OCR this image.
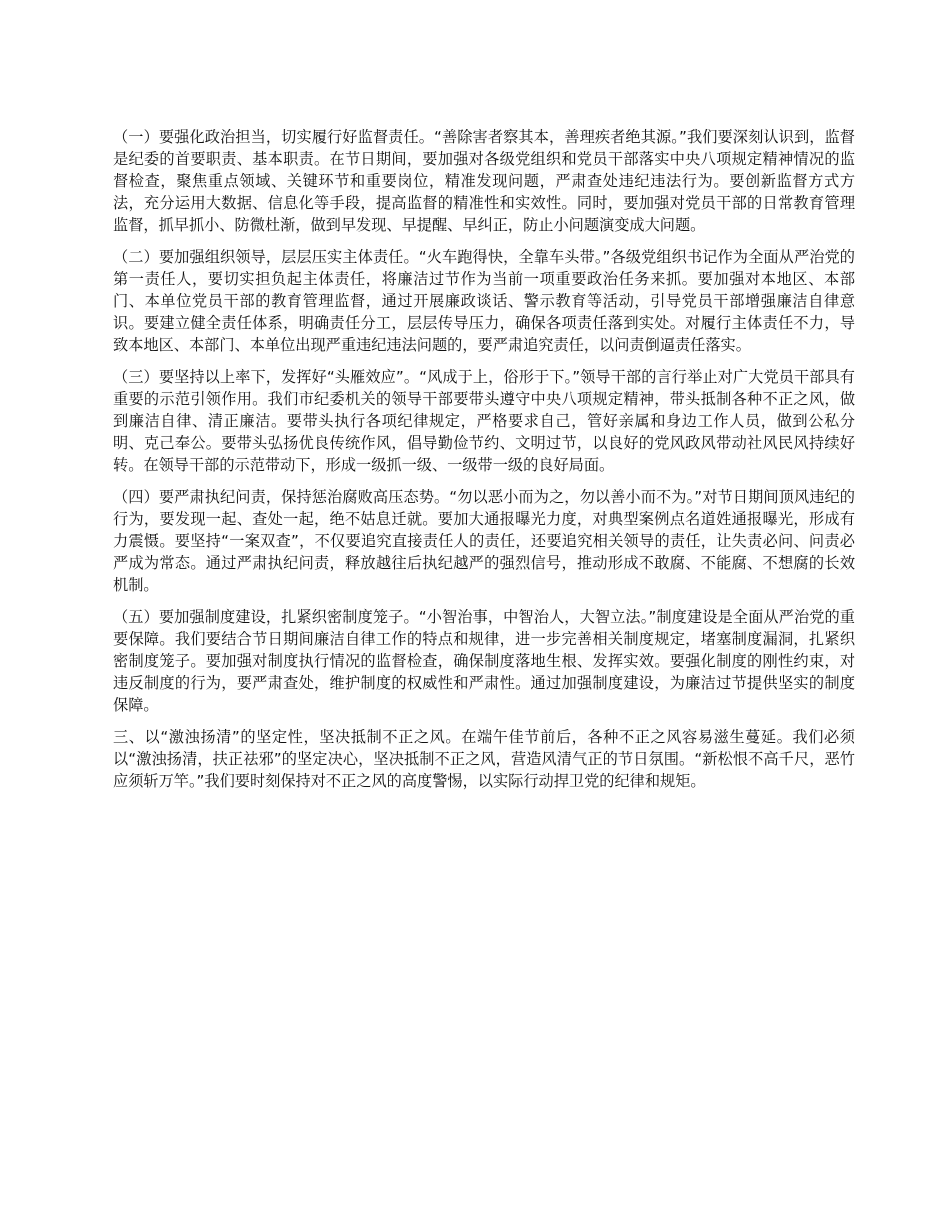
（一）要强化政治担当，切实履行好监督责任。“善除害者察其本，善理疾者绝其源。”我们要深刻认识到，监督是纪委的首要职责、基本职责。在节日期间，要加强对各级党组织和党员干部落实中央八项规定精神情况的监督检查，聚焦重点领域、关键环节和重要岗位，精准发现问题，严肃查处违纪违法行为。要创新监督方式方法，充分运用大数据、信息化等手段，提高监督的精准性和实效性。同时，要加强对党员干部的日常教育管理监督，抓早抓小、防微杜渐，做到早发现、早提醒、早纠正，防止小问题演变成大问题。

（二）要加强组织领导，层层压实主体责任。“火车跑得快，全靠车头带。”各级党组织书记作为全面从严治党的第一责任人，要切实担负起主体责任，将廉洁过节作为当前一项重要政治任务来抓。要加强对本地区、本部门、本单位党员干部的教育管理监督，通过开展廉政谈话、警示教育等活动，引导党员干部增强廉洁自律意识。要建立健全责任体系，明确责任分工，层层传导压力，确保各项责任落到实处。对履行主体责任不力，导致本地区、本部门、本单位出现严重违纪违法问题的，要严肃追究责任，以问责倒逼责任落实。

（三）要坚持以上率下，发挥好“头雁效应”。“风成于上，俗形于下。”领导干部的言行举止对广大党员干部具有重要的示范引领作用。我们市纪委机关的领导干部要带头遵守中央八项规定精神，带头抵制各种不正之风，做到廉洁自律、清正廉洁。要带头执行各项纪律规定，严格要求自己，管好亲属和身边工作人员，做到公私分明、克己奉公。要带头弘扬优良传统作风，倡导勤俭节约、文明过节，以良好的党风政风带动社风民风持续好转。在领导干部的示范带动下，形成一级抓一级、一级带一级的良好局面。

（四）要严肃执纪问责，保持惩治腐败高压态势。“勿以恶小而为之，勿以善小而不为。”对节日期间顶风违纪的行为，要发现一起、查处一起，绝不姑息迁就。要加大通报曝光力度，对典型案例点名道姓通报曝光，形成有力震慑。要坚持“一案双查”，不仅要追究直接责任人的责任，还要追究相关领导的责任，让失责必问、问责必严成为常态。通过严肃执纪问责，释放越往后执纪越严的强烈信号，推动形成不敢腐、不能腐、不想腐的长效机制。

（五）要加强制度建设，扎紧织密制度笼子。“小智治事，中智治人，大智立法。”制度建设是全面从严治党的重要保障。我们要结合节日期间廉洁自律工作的特点和规律，进一步完善相关制度规定，堵塞制度漏洞，扎紧织密制度笼子。要加强对制度执行情况的监督检查，确保制度落地生根、发挥实效。要强化制度的刚性约束，对违反制度的行为，要严肃查处，维护制度的权威性和严肃性。通过加强制度建设，为廉洁过节提供坚实的制度保障。

三、以“激浊扬清”的坚定性，坚决抵制不正之风。在端午佳节前后，各种不正之风容易滋生蔓延。我们必须以“激浊扬清，扶正祛邪”的坚定决心，坚决抵制不正之风，营造风清气正的节日氛围。“新松恨不高千尺，恶竹应须斩万竿。”我们要时刻保持对不正之风的高度警惕，以实际行动捍卫党的纪律和规矩。
